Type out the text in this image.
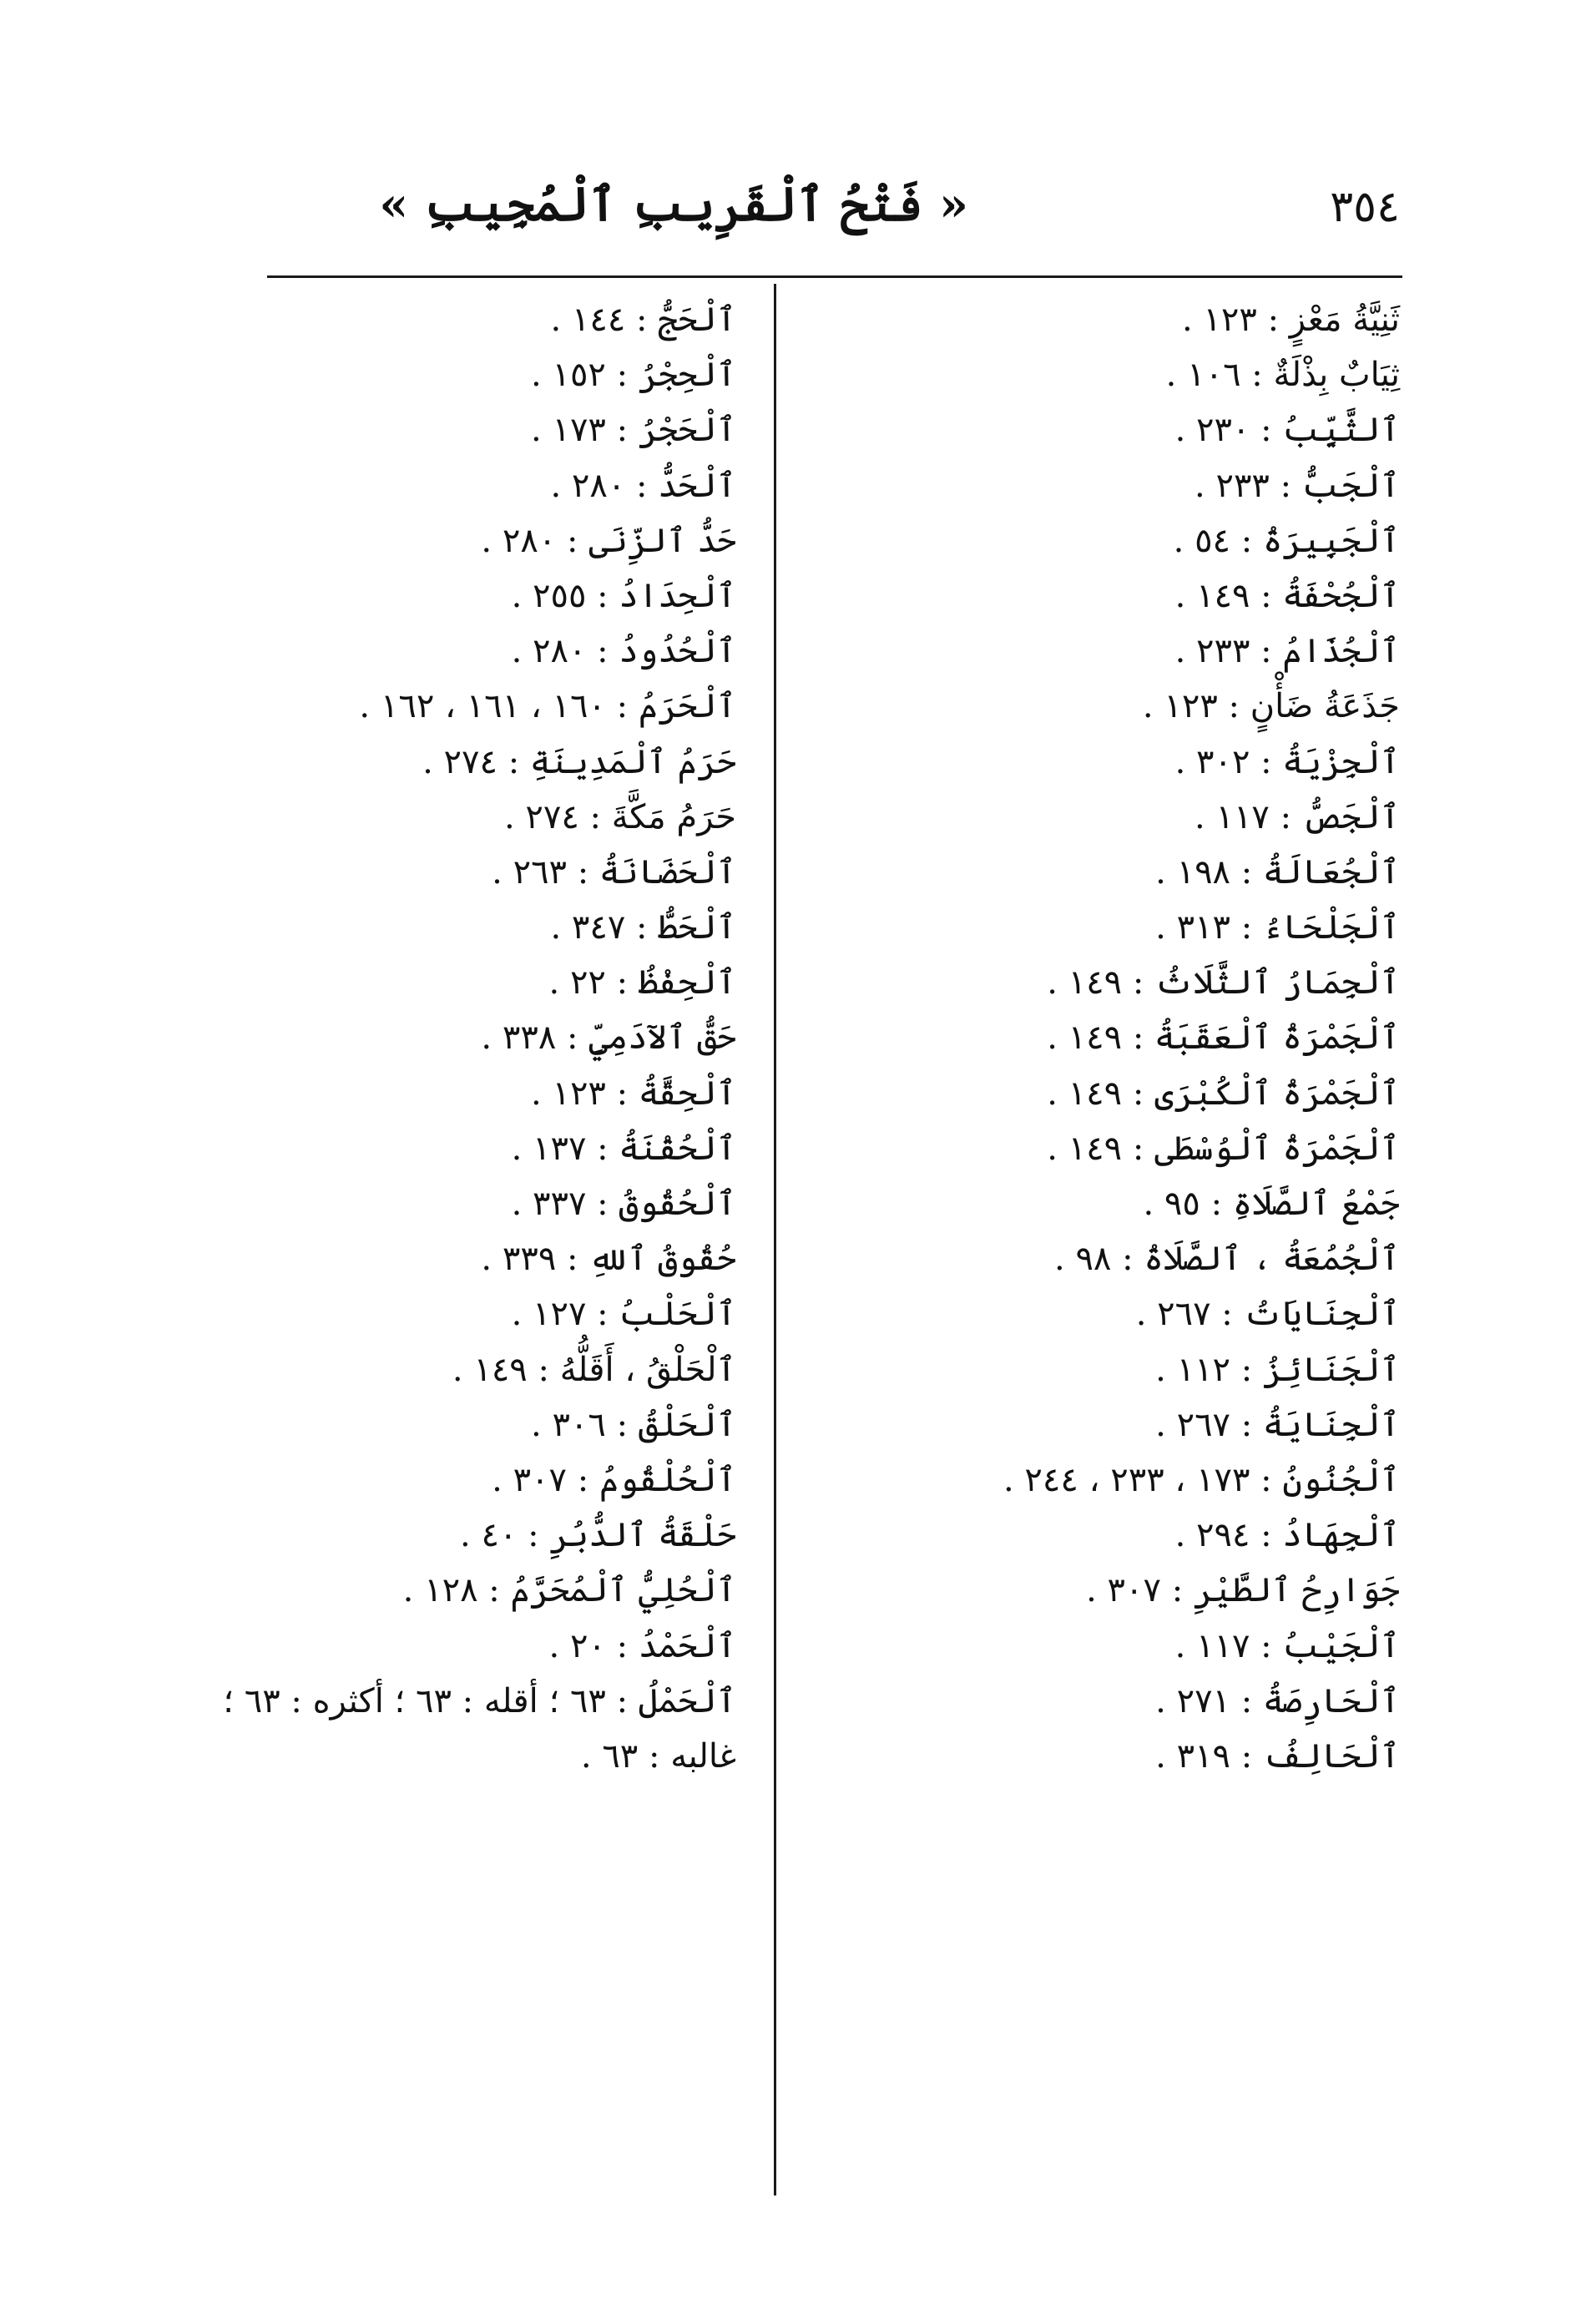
٣٥٤
« فَتْحُ ٱلْقَرِيبِ ٱلْمُجِيبِ »
ثَنِيَّةُ مَعْزٍ : ١٢٣ .
ثِيَابٌ بِذْلَةٌ : ١٠٦ .
ٱلثَّيِّبُ : ٢٣٠ .
ٱلْجَبُّ : ٢٣٣ .
ٱلْجَبِيرَةُ : ٥٤ .
ٱلْجُحْفَةُ : ١٤٩ .
ٱلْجُذَامُ : ٢٣٣ .
جَذَعَةُ ضَأْنٍ : ١٢٣ .
ٱلْجِزْيَةُ : ٣٠٢ .
ٱلْجَصُّ : ١١٧ .
ٱلْجُعَالَةُ : ١٩٨ .
ٱلْجَلْحَاءُ : ٣١٣ .
ٱلْجِمَارُ ٱلثَّلَاثُ : ١٤٩ .
ٱلْجَمْرَةُ ٱلْعَقَبَةُ : ١٤٩ .
ٱلْجَمْرَةُ ٱلْكُبْرَى : ١٤٩ .
ٱلْجَمْرَةُ ٱلْوُسْطَى : ١٤٩ .
جَمْعُ ٱلصَّلَاةِ : ٩٥ .
ٱلْجُمُعَةُ ، ٱلصَّلَاةُ : ٩٨ .
ٱلْجِنَايَاتُ : ٢٦٧ .
ٱلْجَنَائِزُ : ١١٢ .
ٱلْجِنَايَةُ : ٢٦٧ .
ٱلْجُنُونُ : ١٧٣ ، ٢٣٣ ، ٢٤٤ .
ٱلْجِهَادُ : ٢٩٤ .
جَوَارِحُ ٱلطَّيْرِ : ٣٠٧ .
ٱلْجَيْبُ : ١١٧ .
ٱلْحَارِصَةُ : ٢٧١ .
ٱلْحَالِفُ : ٣١٩ .
ٱلْحَجُّ : ١٤٤ .
ٱلْحِجْرُ : ١٥٢ .
ٱلْحَجْرُ : ١٧٣ .
ٱلْحَدُّ : ٢٨٠ .
حَدُّ ٱلزِّنَى : ٢٨٠ .
ٱلْحِدَادُ : ٢٥٥ .
ٱلْحُدُودُ : ٢٨٠ .
ٱلْحَرَمُ : ١٦٠ ، ١٦١ ، ١٦٢ .
حَرَمُ ٱلْمَدِينَةِ : ٢٧٤ .
حَرَمُ مَكَّةَ : ٢٧٤ .
ٱلْحَضَانَةُ : ٢٦٣ .
ٱلْحَطُّ : ٣٤٧ .
ٱلْحِفْظُ : ٢٢ .
حَقُّ ٱلآدَمِيِّ : ٣٣٨ .
ٱلْحِقَّةُ : ١٢٣ .
ٱلْحُقْنَةُ : ١٣٧ .
ٱلْحُقُوقُ : ٣٣٧ .
حُقُوقُ ٱللهِ : ٣٣٩ .
ٱلْحَلْبُ : ١٢٧ .
ٱلْحَلْقُ ، أَقَلُّهُ : ١٤٩ .
ٱلْحَلْقُ : ٣٠٦ .
ٱلْحُلْقُومُ : ٣٠٧ .
حَلْقَةُ ٱلدُّبُرِ : ٤٠ .
ٱلْحُلِيُّ ٱلْمُحَرَّمُ : ١٢٨ .
ٱلْحَمْدُ : ٢٠ .
ٱلْحَمْلُ : ٦٣ ؛ أقله : ٦٣ ؛ أكثره : ٦٣ ؛
غالبه : ٦٣ .
